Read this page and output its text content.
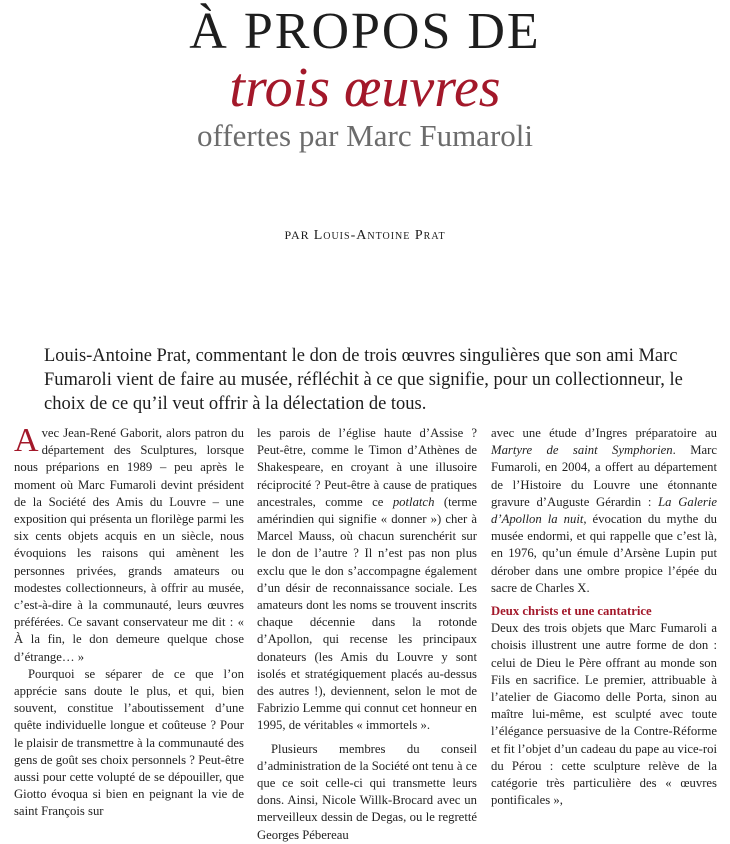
À PROPOS DE
trois œuvres
offertes par Marc Fumaroli
PAR Louis-Antoine Prat
Louis-Antoine Prat, commentant le don de trois œuvres singulières que son ami Marc Fumaroli vient de faire au musée, réfléchit à ce que signifie, pour un collectionneur, le choix de ce qu’il veut offrir à la délectation de tous.

Avec Jean-René Gaborit, alors patron du département des Sculptures, lorsque nous préparions en 1989 – peu après le moment où Marc Fumaroli devint président de la Société des Amis du Louvre – une exposition qui présenta un florilège parmi les six cents objets acquis en un siècle, nous évoquions les raisons qui amènent les personnes privées, grands amateurs ou modestes collectionneurs, à offrir au musée, c’est-à-dire à la communauté, leurs œuvres préférées. Ce savant conservateur me dit : « À la fin, le don demeure quelque chose d’étrange… »

Pourquoi se séparer de ce que l’on apprécie sans doute le plus, et qui, bien souvent, constitue l’aboutissement d’une quête individuelle longue et coûteuse ? Pour le plaisir de transmettre à la communauté des gens de goût ses choix personnels ? Peut-être aussi pour cette volupté de se dépouiller, que Giotto évoqua si bien en peignant la vie de saint François sur

les parois de l’église haute d’Assise ? Peut-être, comme le Timon d’Athènes de Shakespeare, en croyant à une illusoire réciprocité ? Peut-être à cause de pratiques ancestrales, comme ce potlatch (terme amérindien qui signifie « donner ») cher à Marcel Mauss, où chacun surenchérit sur le don de l’autre ? Il n’est pas non plus exclu que le don s’accompagne également d’un désir de reconnaissance sociale. Les amateurs dont les noms se trouvent inscrits chaque décennie dans la rotonde d’Apollon, qui recense les principaux donateurs (les Amis du Louvre y sont isolés et stratégiquement placés au-dessus des autres !), deviennent, selon le mot de Fabrizio Lemme qui connut cet honneur en 1995, de véritables « immortels ».

Plusieurs membres du conseil d’administration de la Société ont tenu à ce que ce soit celle-ci qui transmette leurs dons. Ainsi, Nicole Willk-Brocard avec un merveilleux dessin de Degas, ou le regretté Georges Pébereau

avec une étude d’Ingres préparatoire au Martyre de saint Symphorien. Marc Fumaroli, en 2004, a offert au département de l’Histoire du Louvre une étonnante gravure d’Auguste Gérardin : La Galerie d’Apollon la nuit, évocation du mythe du musée endormi, et qui rappelle que c’est là, en 1976, qu’un émule d’Arsène Lupin put dérober dans une ombre propice l’épée du sacre de Charles X.

Deux christs et une cantatrice

Deux des trois objets que Marc Fumaroli a choisis illustrent une autre forme de don : celui de Dieu le Père offrant au monde son Fils en sacrifice. Le premier, attribuable à l’atelier de Giacomo delle Porta, sinon au maître lui-même, est sculpté avec toute l’élégance persuasive de la Contre-Réforme et fit l’objet d’un cadeau du pape au vice-roi du Pérou : cette sculpture relève de la catégorie très particulière des « œuvres pontificales »,
